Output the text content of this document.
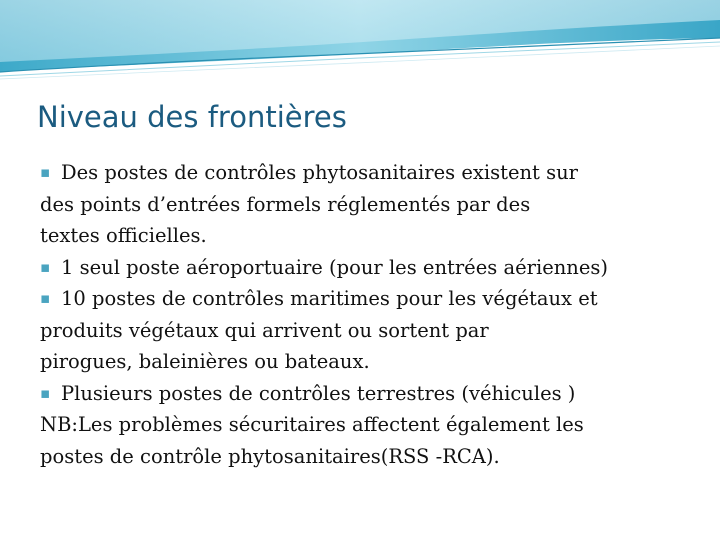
Niveau des frontières
▪ Des postes de contrôles phytosanitaires existent sur
des points d’entrées formels réglementés par des
textes officielles.
▪ 1 seul poste aéroportuaire (pour les entrées aériennes)
▪ 10 postes de contrôles maritimes pour les végétaux et
produits végétaux qui arrivent ou sortent par
pirogues, baleinières ou bateaux.
▪ Plusieurs postes de contrôles terrestres (véhicules )
NB:Les problèmes sécuritaires affectent également les
postes de contrôle phytosanitaires(RSS -RCA).
